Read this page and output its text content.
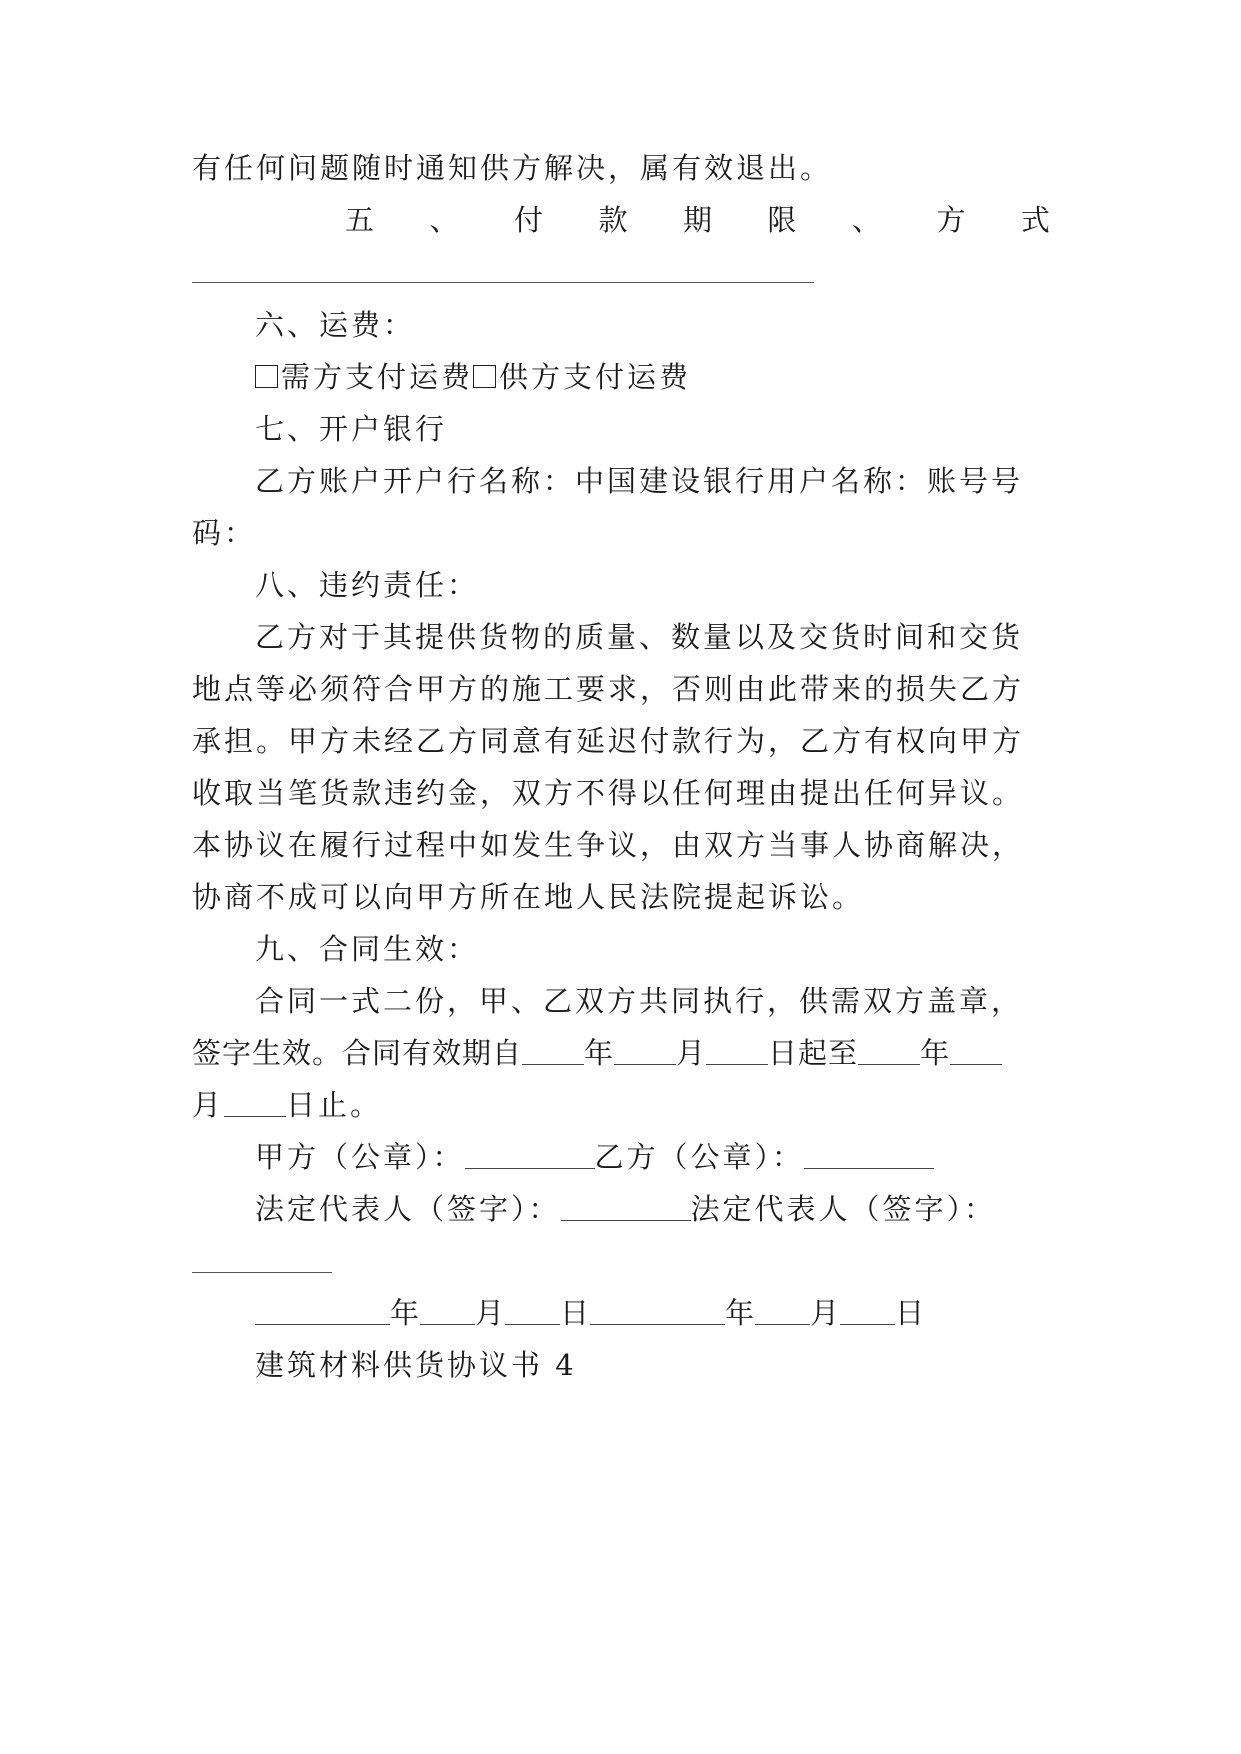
有任何问题随时通知供方解决，属有效退出。
五 、 付 款 期 限 、 方 式
六、运费：
需方支付运费 供方支付运费
七、开户银行
乙方账户开户行名称：中国建设银行用户名称：账号号
码：
八、违约责任：
乙方对于其提供货物的质量、数量以及交货时间和交货
地点等必须符合甲方的施工要求，否则由此带来的损失乙方
承担。甲方未经乙方同意有延迟付款行为，乙方有权向甲方
收取当笔货款违约金，双方不得以任何理由提出任何异议。
本协议在履行过程中如发生争议，由双方当事人协商解决，
协商不成可以向甲方所在地人民法院提起诉讼。
九、合同生效：
合同一式二份，甲、乙双方共同执行，供需双方盖章，
签字生效。合同有效期自 年 月 日起至 年
月 日止。
甲方（公章）：	乙方（公章）：
法定代表人（签字）：	法定代表人（签字）：
年 月 日	年 月 日
建筑材料供货协议书 4
